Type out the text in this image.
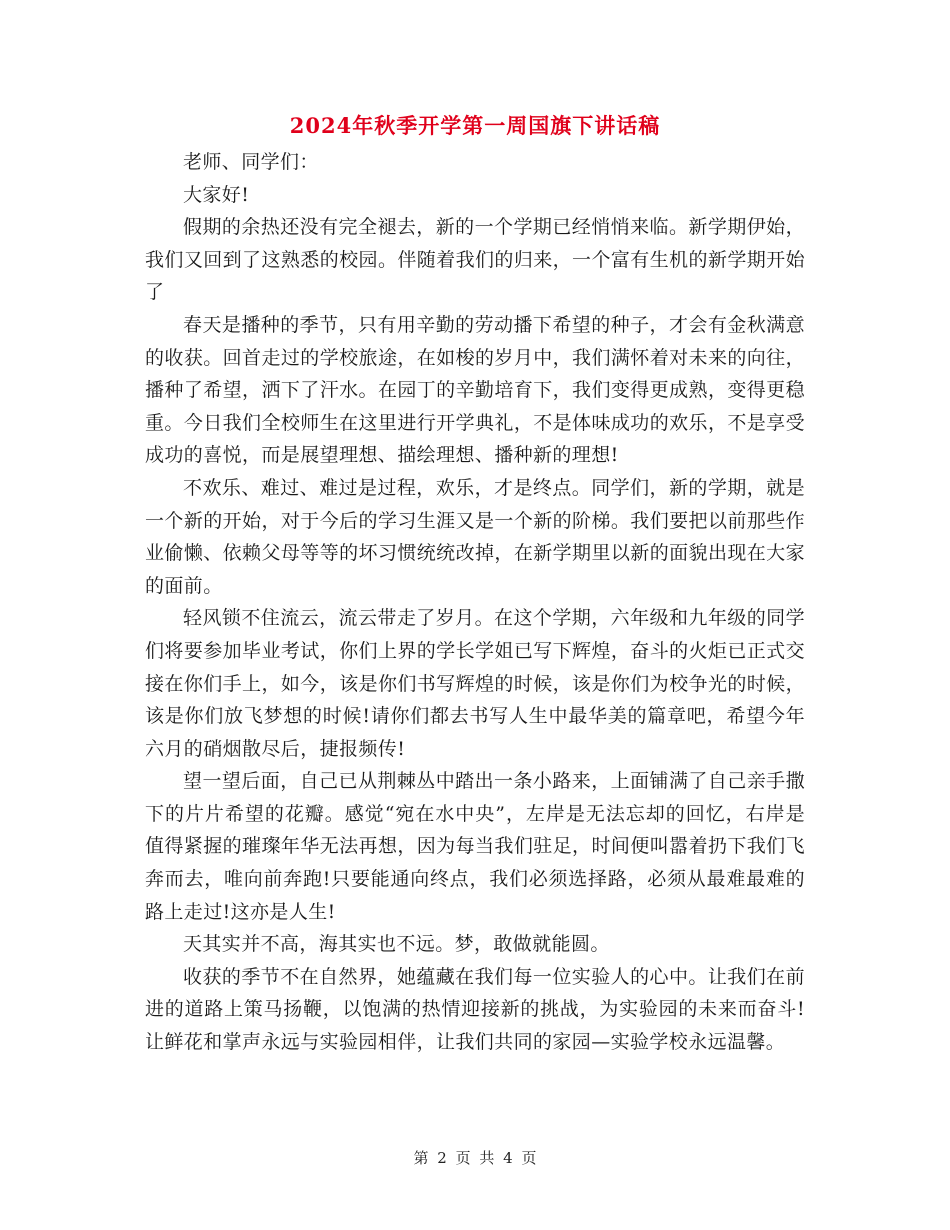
2024年秋季开学第一周国旗下讲话稿

老师、同学们：

大家好!

假期的余热还没有完全褪去，新的一个学期已经悄悄来临。新学期伊始，我们又回到了这熟悉的校园。伴随着我们的归来，一个富有生机的新学期开始了

春天是播种的季节，只有用辛勤的劳动播下希望的种子，才会有金秋满意的收获。回首走过的学校旅途，在如梭的岁月中，我们满怀着对未来的向往，播种了希望，洒下了汗水。在园丁的辛勤培育下，我们变得更成熟，变得更稳重。今日我们全校师生在这里进行开学典礼，不是体味成功的欢乐，不是享受成功的喜悦，而是展望理想、描绘理想、播种新的理想!

不欢乐、难过、难过是过程，欢乐，才是终点。同学们，新的学期，就是一个新的开始，对于今后的学习生涯又是一个新的阶梯。我们要把以前那些作业偷懒、依赖父母等等的坏习惯统统改掉，在新学期里以新的面貌出现在大家的面前。

轻风锁不住流云，流云带走了岁月。在这个学期，六年级和九年级的同学们将要参加毕业考试，你们上界的学长学姐已写下辉煌，奋斗的火炬已正式交接在你们手上，如今，该是你们书写辉煌的时候，该是你们为校争光的时候，该是你们放飞梦想的时候!请你们都去书写人生中最华美的篇章吧，希望今年六月的硝烟散尽后，捷报频传!

望一望后面，自己已从荆棘丛中踏出一条小路来，上面铺满了自己亲手撒下的片片希望的花瓣。感觉“宛在水中央”，左岸是无法忘却的回忆，右岸是值得紧握的璀璨年华无法再想，因为每当我们驻足，时间便叫嚣着扔下我们飞奔而去，唯向前奔跑!只要能通向终点，我们必须选择路，必须从最难最难的路上走过!这亦是人生!

天其实并不高，海其实也不远。梦，敢做就能圆。

收获的季节不在自然界，她蕴藏在我们每一位实验人的心中。让我们在前进的道路上策马扬鞭，以饱满的热情迎接新的挑战，为实验园的未来而奋斗!让鲜花和掌声永远与实验园相伴，让我们共同的家园—实验学校永远温馨。

第 2 页 共 4 页
